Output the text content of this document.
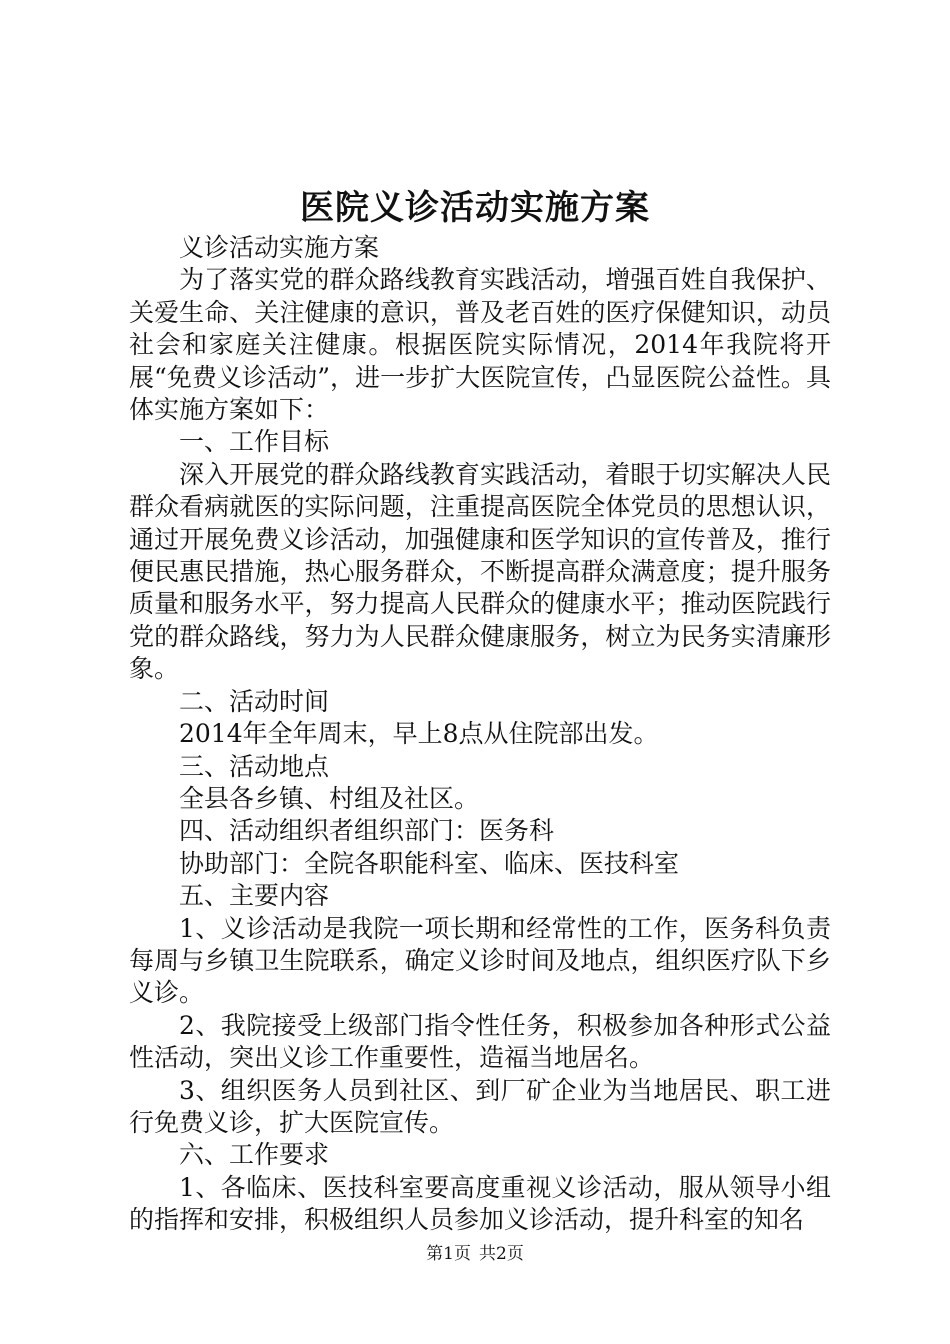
医院义诊活动实施方案

义诊活动实施方案

为了落实党的群众路线教育实践活动，增强百姓自我保护、关爱生命、关注健康的意识，普及老百姓的医疗保健知识，动员社会和家庭关注健康。根据医院实际情况，2014年我院将开展“免费义诊活动”，进一步扩大医院宣传，凸显医院公益性。具体实施方案如下：

一、工作目标

深入开展党的群众路线教育实践活动，着眼于切实解决人民群众看病就医的实际问题，注重提高医院全体党员的思想认识，通过开展免费义诊活动，加强健康和医学知识的宣传普及，推行便民惠民措施，热心服务群众，不断提高群众满意度；提升服务质量和服务水平，努力提高人民群众的健康水平；推动医院践行党的群众路线，努力为人民群众健康服务，树立为民务实清廉形象。

二、活动时间

2014年全年周末，早上8点从住院部出发。

三、活动地点

全县各乡镇、村组及社区。

四、活动组织者组织部门：医务科

协助部门：全院各职能科室、临床、医技科室

五、主要内容

1、义诊活动是我院一项长期和经常性的工作，医务科负责每周与乡镇卫生院联系，确定义诊时间及地点，组织医疗队下乡义诊。

2、我院接受上级部门指令性任务，积极参加各种形式公益性活动，突出义诊工作重要性，造福当地居名。

3、组织医务人员到社区、到厂矿企业为当地居民、职工进行免费义诊，扩大医院宣传。

六、工作要求

1、各临床、医技科室要高度重视义诊活动，服从领导小组的指挥和安排，积极组织人员参加义诊活动，提升科室的知名

第1页 共2页
